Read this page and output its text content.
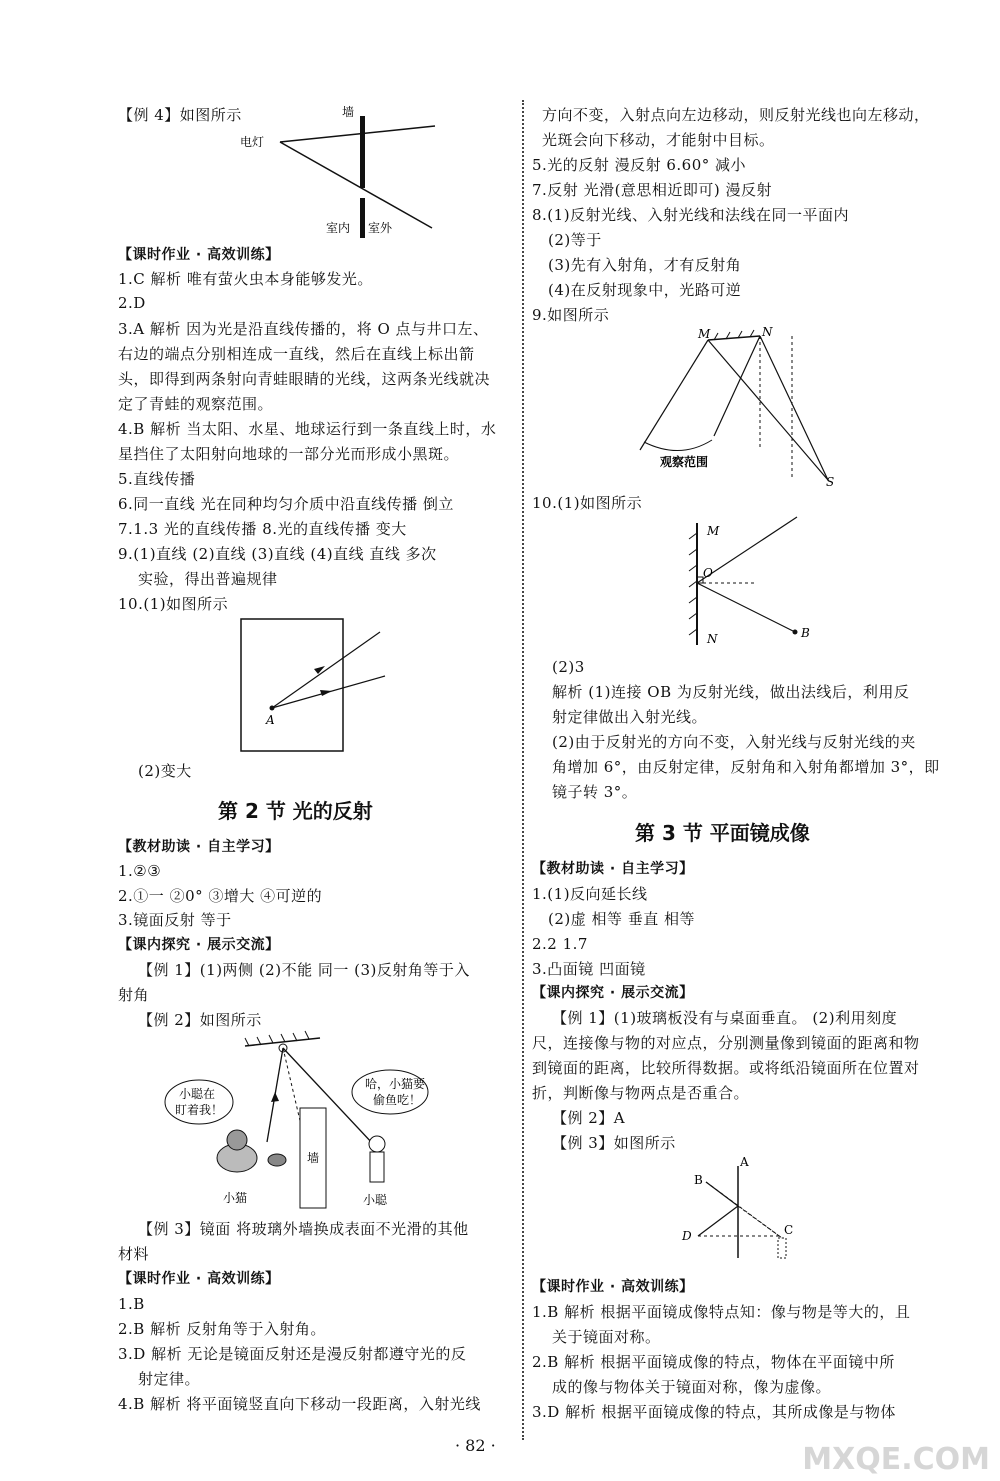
【例 4】如图所示
【课时作业 · 高效训练】
1.C 解析 唯有萤火虫本身能够发光。
2.D
3.A 解析 因为光是沿直线传播的，将 O 点与井口左、
右边的端点分别相连成一直线，然后在直线上标出箭
头，即得到两条射向青蛙眼睛的光线，这两条光线就决
定了青蛙的观察范围。
4.B 解析 当太阳、水星、地球运行到一条直线上时，水
星挡住了太阳射向地球的一部分光而形成小黑斑。
5.直线传播
6.同一直线 光在同种均匀介质中沿直线传播 倒立
7.1.3 光的直线传播 8.光的直线传播 变大
9.(1)直线 (2)直线 (3)直线 (4)直线 直线 多次
实验，得出普遍规律
10.(1)如图所示
(2)变大
【教材助读 · 自主学习】
1.②③
2.①一 ②0° ③增大 ④可逆的
3.镜面反射 等于
【课内探究 · 展示交流】
【例 1】(1)两侧 (2)不能 同一 (3)反射角等于入
射角
【例 2】如图所示
【例 3】镜面 将玻璃外墙换成表面不光滑的其他
材料
【课时作业 · 高效训练】
1.B
2.B 解析 反射角等于入射角。
3.D 解析 无论是镜面反射还是漫反射都遵守光的反
射定律。
4.B 解析 将平面镜竖直向下移动一段距离，入射光线
方向不变，入射点向左边移动，则反射光线也向左移动，
光斑会向下移动，才能射中目标。
5.光的反射 漫反射 6.60° 减小
7.反射 光滑(意思相近即可) 漫反射
8.(1)反射光线、入射光线和法线在同一平面内
(2)等于
(3)先有入射角，才有反射角
(4)在反射现象中，光路可逆
9.如图所示
10.(1)如图所示
(2)3
解析 (1)连接 OB 为反射光线，做出法线后，利用反
射定律做出入射光线。
(2)由于反射光的方向不变，入射光线与反射光线的夹
角增加 6°，由反射定律，反射角和入射角都增加 3°，即
镜子转 3°。
【教材助读 · 自主学习】
1.(1)反向延长线
(2)虚 相等 垂直 相等
2.2 1.7
3.凸面镜 凹面镜
【课内探究 · 展示交流】
【例 1】(1)玻璃板没有与桌面垂直。 (2)利用刻度
尺，连接像与物的对应点，分别测量像到镜面的距离和物
到镜面的距离，比较所得数据。或将纸沿镜面所在位置对
折，判断像与物两点是否重合。
【例 2】A
【例 3】如图所示
【课时作业 · 高效训练】
1.B 解析 根据平面镜成像特点知：像与物是等大的，且
关于镜面对称。
2.B 解析 根据平面镜成像的特点，物体在平面镜中所
成的像与物体关于镜面对称，像为虚像。
3.D 解析 根据平面镜成像的特点，其所成像是与物体
第 2 节 光的反射
第 3 节 平面镜成像
电灯
墙
室内 室外
A
墙
小聪在
盯着我！
哈，小猫要
偷鱼吃！
小猫	小聪
M	N
S
观察范围
M
O
N	B
A
B
C
D
· 82 ·	MXQE.COM
